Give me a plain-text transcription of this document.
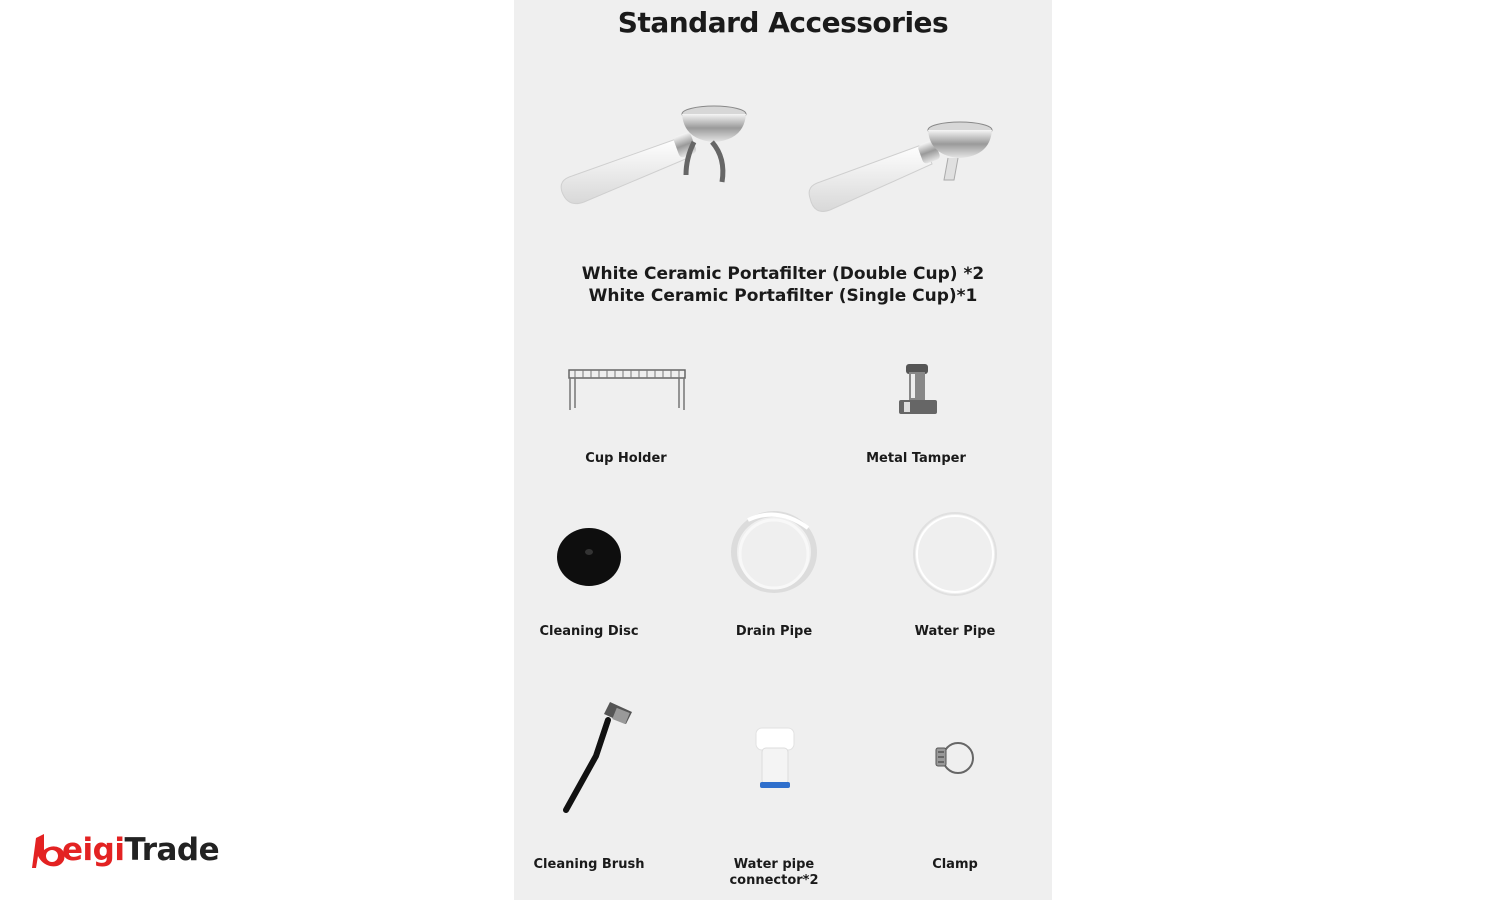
Standard Accessories
White Ceramic Portafilter (Double Cup) *2
White Ceramic Portafilter (Single Cup)*1
Cup Holder	Metal Tamper
Cleaning Disc	Drain Pipe	Water Pipe
Cleaning Brush	Water pipe
connector*2
Clamp
eigiTrade
